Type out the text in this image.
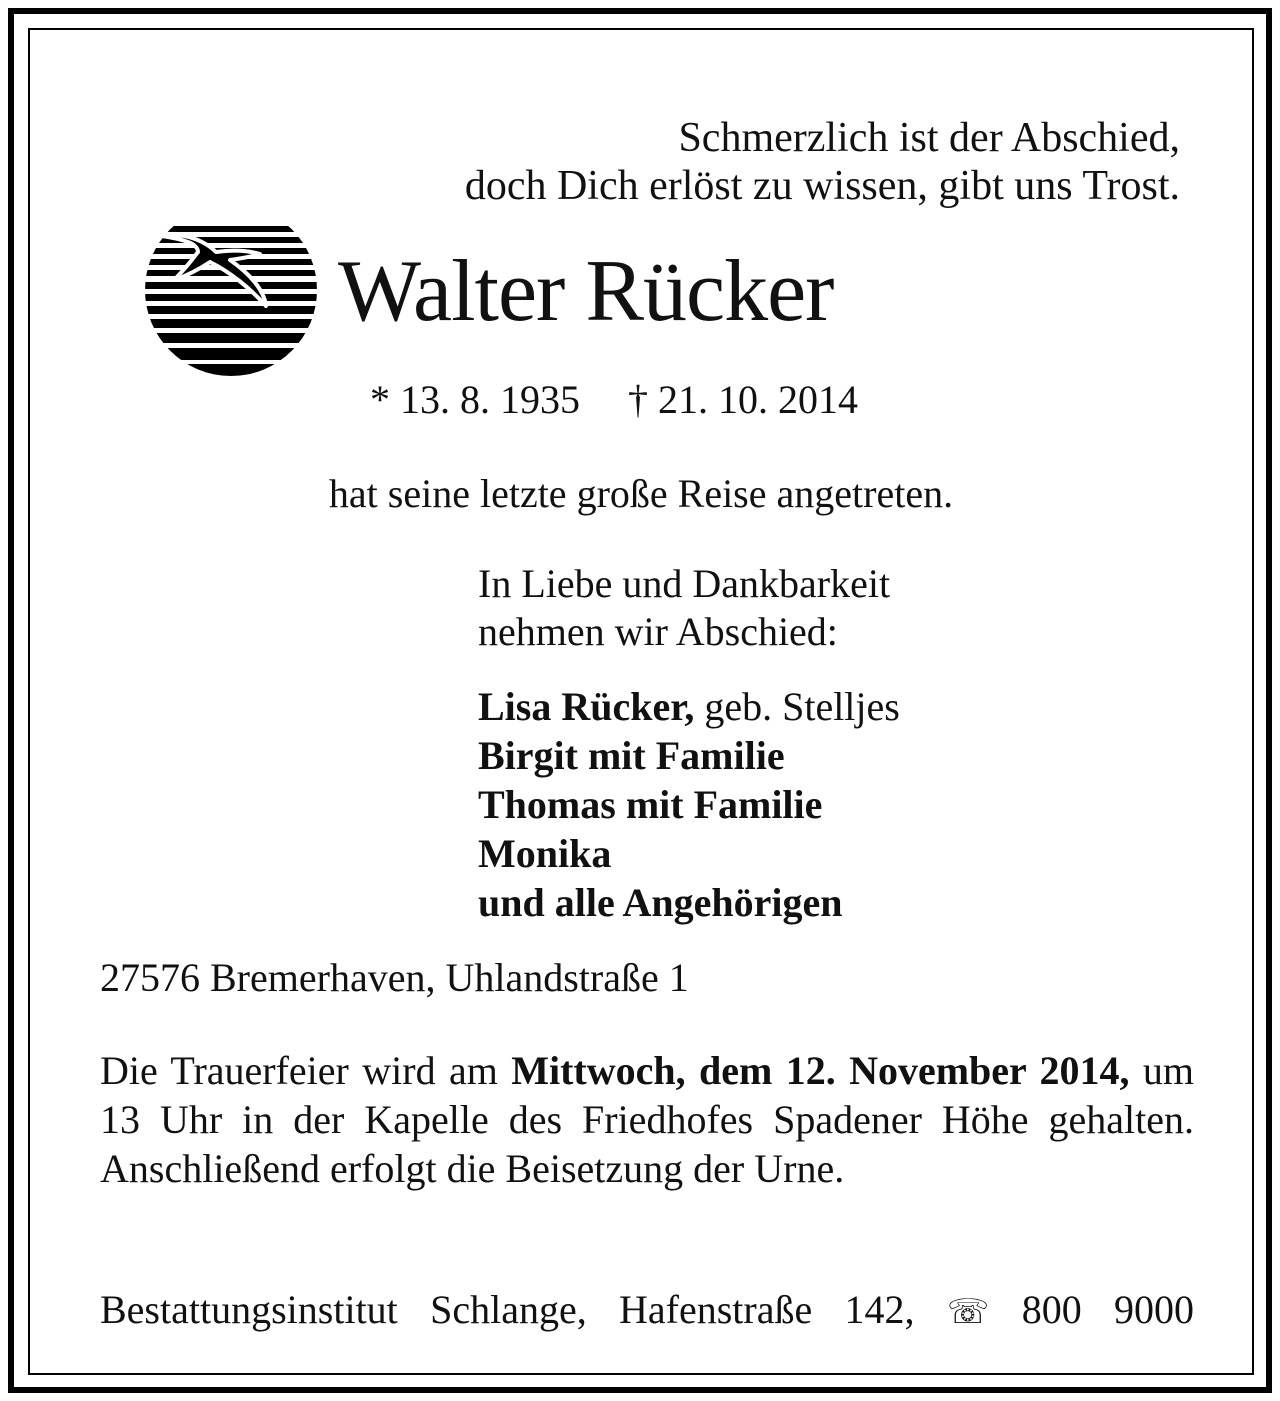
Schmerzlich ist der Abschied,
doch Dich erlöst zu wissen, gibt uns Trost.
Walter Rücker
* 13. 8. 1935 † 21. 10. 2014
hat seine letzte große Reise angetreten.
In Liebe und Dankbarkeit
nehmen wir Abschied:
Lisa Rücker, geb. Stelljes
Birgit mit Familie
Thomas mit Familie
Monika
und alle Angehörigen
27576 Bremerhaven, Uhlandstraße 1
Die Trauerfeier wird am Mittwoch, dem 12. November 2014, um 13 Uhr in der Kapelle des Friedhofes Spadener Höhe gehalten. Anschließend erfolgt die Beisetzung der Urne.
Bestattungsinstitut Schlange, Hafenstraße 142, ☏ 800 9000
